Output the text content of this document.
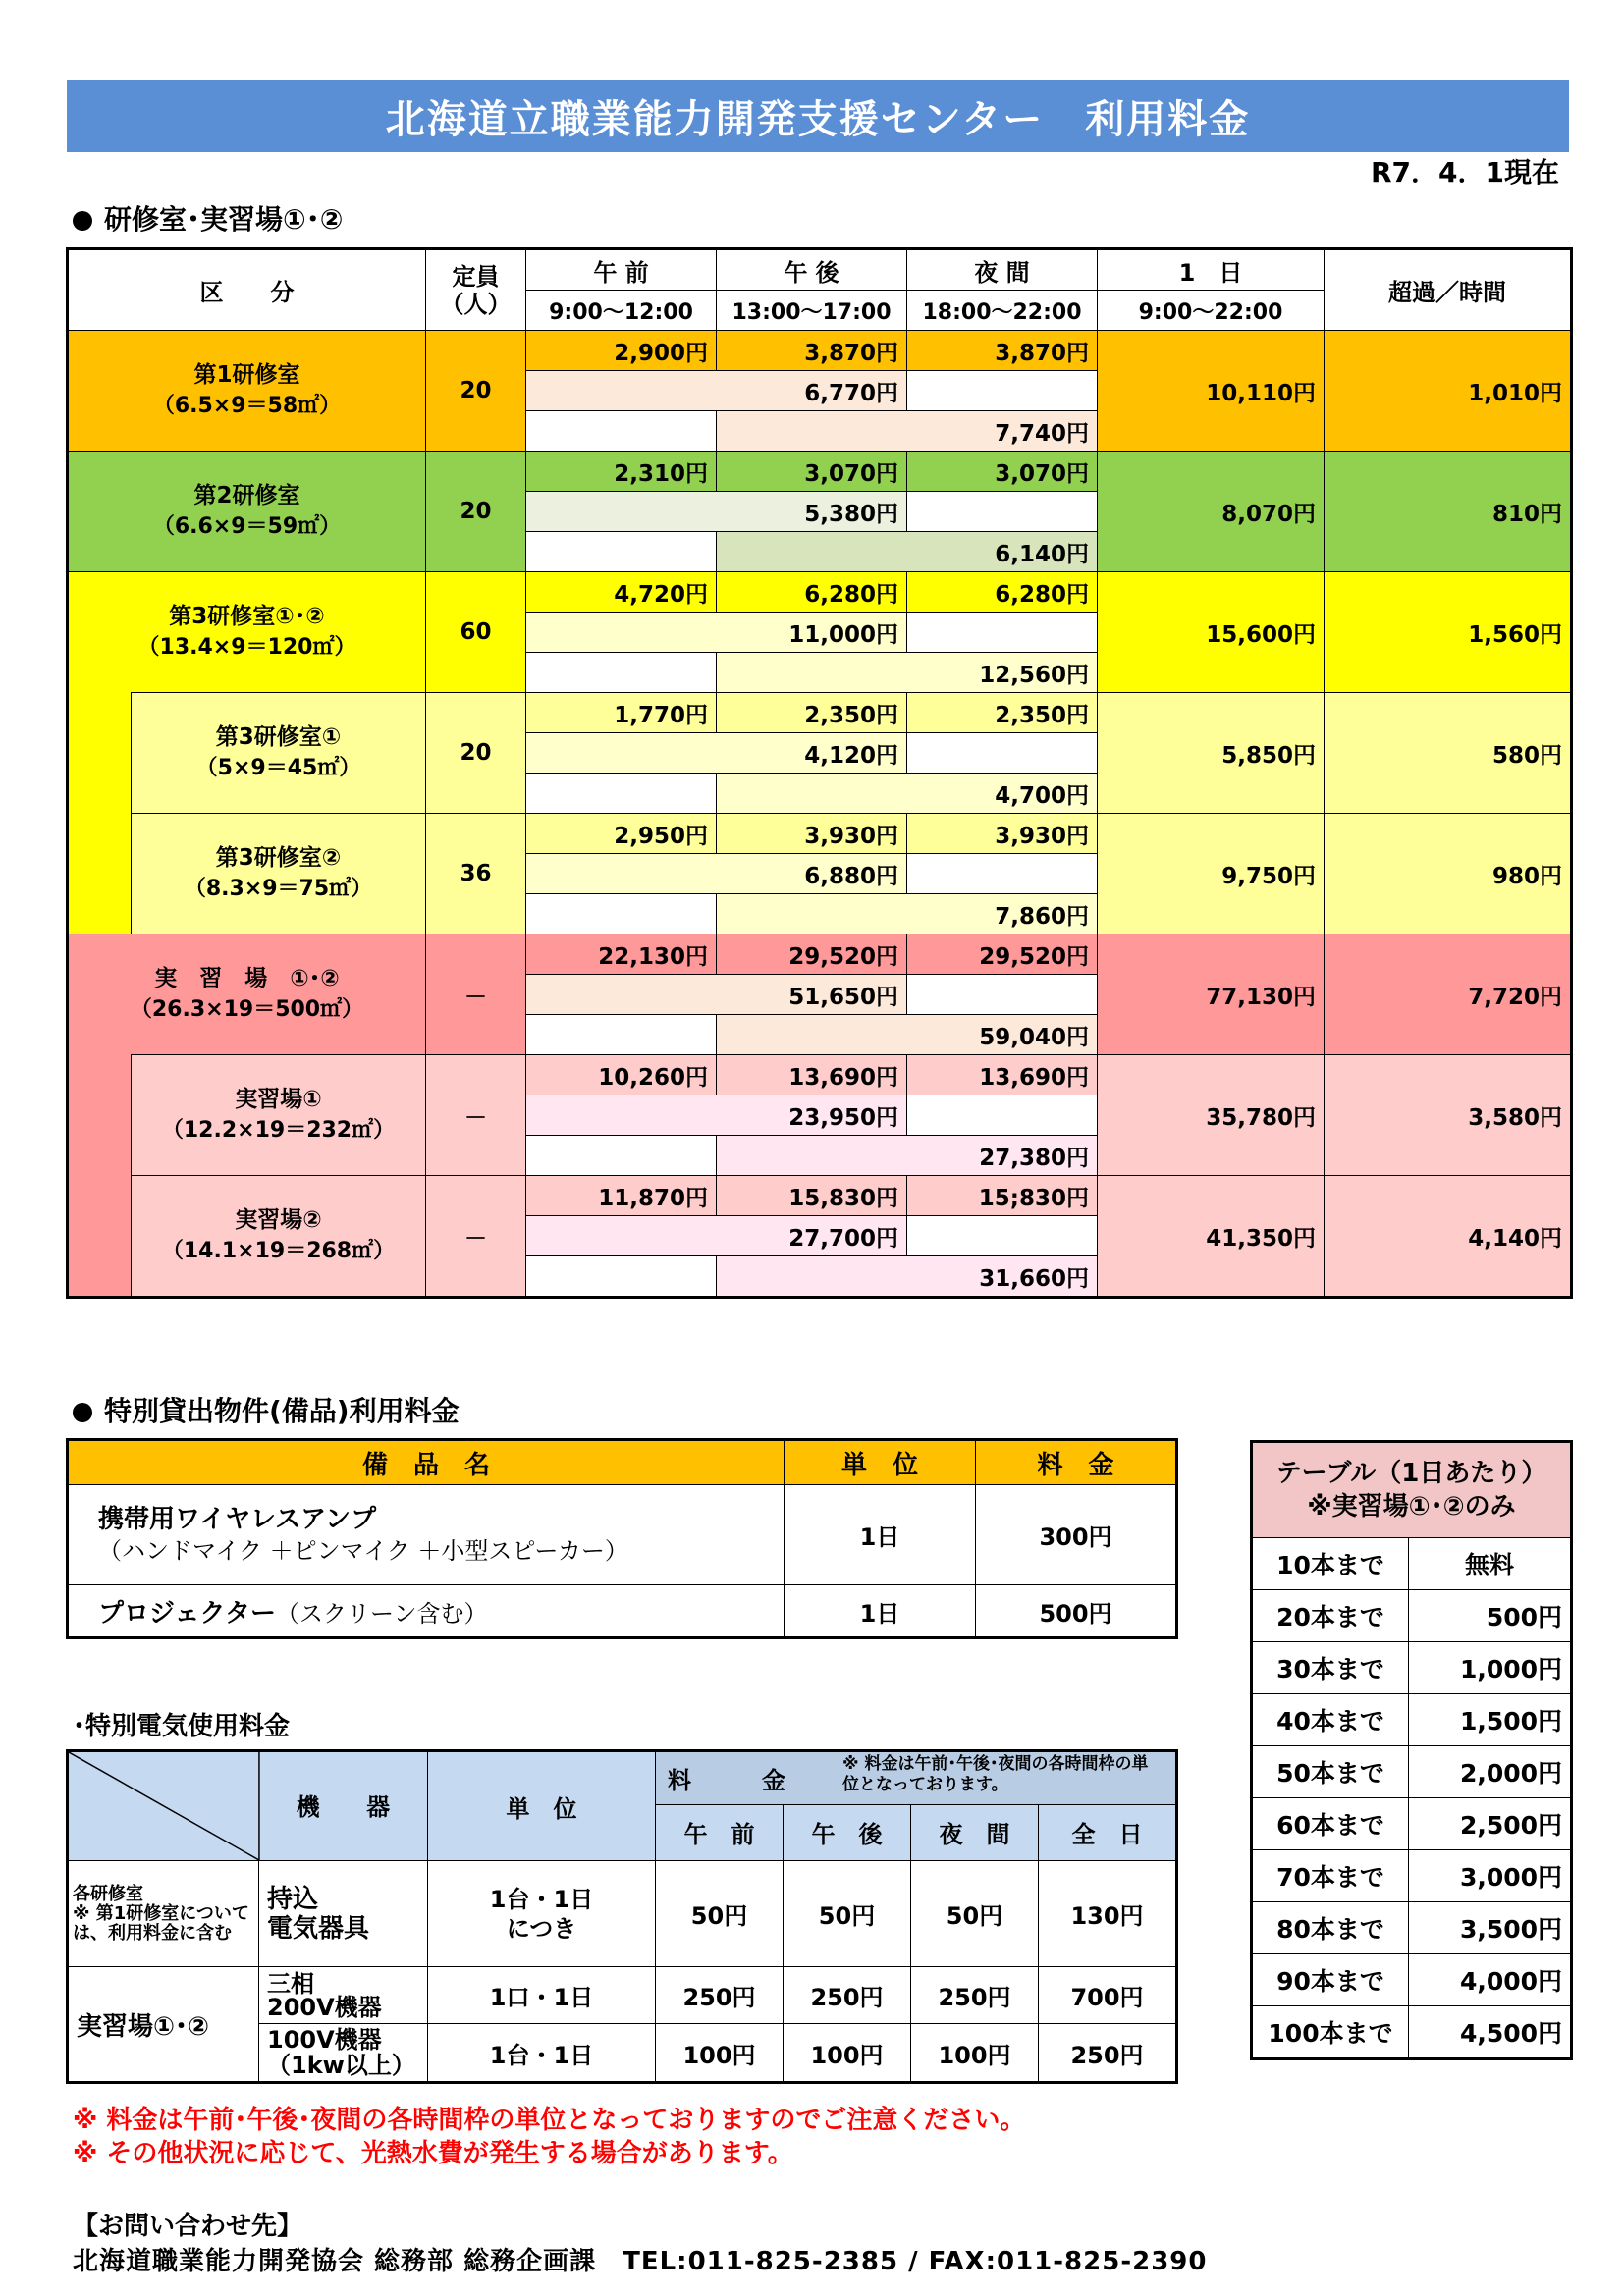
北海道立職業能力開発支援センター　利用料金
R7．4．1現在
研修室･実習場①･②
区　　分		定員
（人）	午 前	午 後	夜 間	1　日	超過／時間
			9:00～12:00	13:00～17:00	18:00～22:00	9:00～22:00	
第1研修室
（6.5×9＝58㎡）		20	2,900円	3,870円	3,870円	10,110円	1,010円
			6,770円				
				7,740円			
第2研修室
（6.6×9＝59㎡）		20	2,310円	3,070円	3,070円	8,070円	810円
			5,380円				
				6,140円			
第3研修室①･②
（13.4×9＝120㎡）		60	4,720円	6,280円	6,280円	15,600円	1,560円
			11,000円				
				12,560円			
	第3研修室①
（5×9＝45㎡）	20	1,770円	2,350円	2,350円	5,850円	580円
			4,120円				
				4,700円			
	第3研修室②
（8.3×9＝75㎡）	36	2,950円	3,930円	3,930円	9,750円	980円
			6,880円				
				7,860円			
実　習　場　①･②
（26.3×19＝500㎡）		－	22,130円	29,520円	29,520円	77,130円	7,720円
			51,650円				
				59,040円			
	実習場①
（12.2×19＝232㎡）	－	10,260円	13,690円	13,690円	35,780円	3,580円
			23,950円				
				27,380円			
	実習場②
（14.1×19＝268㎡）	－	11,870円	15,830円	15;830円	41,350円	4,140円
			27,700円				
				31,660円			
特別貸出物件(備品)利用料金
備　品　名	単　位	料　金
携帯用ワイヤレスアンプ
（ハンドマイク ＋ピンマイク ＋小型スピーカー）	1日	300円
プロジェクター（スクリーン含む）	1日	500円
テーブル（1日あたり）
※実習場①･②のみ	
10本まで	無料
20本まで	500円
30本まで	1,000円
40本まで	1,500円
50本まで	2,000円
60本まで	2,500円
70本まで	3,000円
80本まで	3,500円
90本まで	4,000円
100本まで	4,500円
･特別電気使用料金
機　　器		単　位	料　　　金
※ 料金は午前･午後･夜間の各時間枠の単位となっております。			

			午　前	午　後	夜　間	全　日
各研修室
※ 第1研修室については、利用料金に含む	持込
電気器具	1台・1日
につき	50円	50円	50円	130円
実習場①･②	三相
200V機器	1口・1日	250円	250円	250円	700円
	100V機器
（1kw以上）	1台・1日	100円	100円	100円	250円
※ 料金は午前･午後･夜間の各時間枠の単位となっておりますのでご注意ください。
※ その他状況に応じて、光熱水費が発生する場合があります。
【お問い合わせ先】
北海道職業能力開発協会 総務部 総務企画課　TEL:011-825-2385 / FAX:011-825-2390
